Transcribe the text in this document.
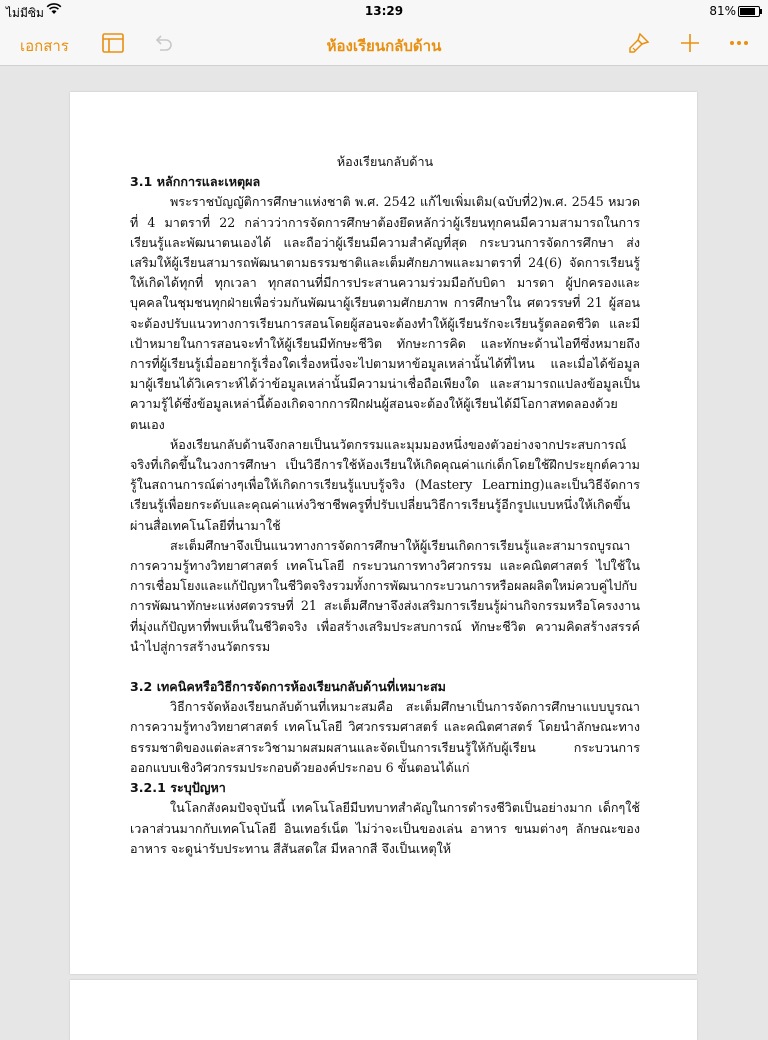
ไม่มีซิม	13:29	81%
เอกสาร	ห้องเรียนกลับด้าน
ห้องเรียนกลับด้าน
3.1 หลักการและเหตุผล

พระราชบัญญัติการศึกษาแห่งชาติ พ.ศ. 2542 แก้ไขเพิ่มเติม(ฉบับที่2)พ.ศ. 2545 หมวดที่ 4 มาตราที่ 22 กล่าวว่าการจัดการศึกษาต้องยึดหลักว่าผู้เรียนทุกคนมีความสามารถในการเรียนรู้และพัฒนาตนเองได้ และถือว่าผู้เรียนมีความสำคัญที่สุด กระบวนการจัดการศึกษา ส่งเสริมให้ผู้เรียนสามารถพัฒนาตามธรรมชาติและเต็มศักยภาพและมาตราที่ 24(6) จัดการเรียนรู้ให้เกิดได้ทุกที่ ทุกเวลา ทุกสถานที่มีการประสานความร่วมมือกับบิดา มารดา ผู้ปกครองและบุคคลในชุมชนทุกฝ่ายเพื่อร่วมกันพัฒนาผู้เรียนตามศักยภาพ การศึกษาใน ศตวรรษที่ 21 ผู้สอนจะต้องปรับแนวทางการเรียนการสอนโดยผู้สอนจะต้องทำให้ผู้เรียนรักจะเรียนรู้ตลอดชีวิต และมีเป้าหมายในการสอนจะทำให้ผู้เรียนมีทักษะชีวิต ทักษะการคิด และทักษะด้านไอทีซึ่งหมายถึง การที่ผู้เรียนรู้เมื่ออยากรู้เรื่องใดเรื่องหนึ่งจะไปตามหาข้อมูลเหล่านั้นได้ที่ไหน และเมื่อได้ข้อมูลมาผู้เรียนได้วิเคราะห์ได้ว่าข้อมูลเหล่านั้นมีความน่าเชื่อถือเพียงใด และสามารถแปลงข้อมูลเป็นความรู้ได้ซึ่งข้อมูลเหล่านี้ต้องเกิดจากการฝึกฝนผู้สอนจะต้องให้ผู้เรียนได้มีโอกาสทดลองด้วยตนเอง

ห้องเรียนกลับด้านจึงกลายเป็นนวัตกรรมและมุมมองหนึ่งของตัวอย่างจากประสบการณ์จริงที่เกิดขึ้นในวงการศึกษา เป็นวิธีการใช้ห้องเรียนให้เกิดคุณค่าแก่เด็กโดยใช้ฝึกประยุกต์ความรู้ในสถานการณ์ต่างๆเพื่อให้เกิดการเรียนรู้แบบรู้จริง (Mastery Learning)และเป็นวิธีจัดการเรียนรู้เพื่อยกระดับและคุณค่าแห่งวิชาชีพครูที่ปรับเปลี่ยนวิธีการเรียนรู้อีกรูปแบบหนึ่งให้เกิดขึ้นผ่านสื่อเทคโนโลยีที่นามาใช้

สะเต็มศึกษาจึงเป็นแนวทางการจัดการศึกษาให้ผู้เรียนเกิดการเรียนรู้และสามารถบูรณาการความรู้ทางวิทยาศาสตร์ เทคโนโลยี กระบวนการทางวิศวกรรม และคณิตศาสตร์ ไปใช้ในการเชื่อมโยงและแก้ปัญหาในชีวิตจริงรวมทั้งการพัฒนากระบวนการหรือผลผลิตใหม่ควบคู่ไปกับการพัฒนาทักษะแห่งศตวรรษที่ 21 สะเต็มศึกษาจึงส่งเสริมการเรียนรู้ผ่านกิจกรรมหรือโครงงานที่มุ่งแก้ปัญหาที่พบเห็นในชีวิตจริง เพื่อสร้างเสริมประสบการณ์ ทักษะชีวิต ความคิดสร้างสรรค์ นำไปสู่การสร้างนวัตกรรม

3.2 เทคนิคหรือวิธีการจัดการห้องเรียนกลับด้านที่เหมาะสม

วิธีการจัดห้องเรียนกลับด้านที่เหมาะสมคือ สะเต็มศึกษาเป็นการจัดการศึกษาแบบบูรณาการความรู้ทางวิทยาศาสตร์ เทคโนโลยี วิศวกรรมศาสตร์ และคณิตศาสตร์ โดยนำลักษณะทางธรรมชาติของแต่ละสาระวิชามาผสมผสานและจัดเป็นการเรียนรู้ให้กับผู้เรียน กระบวนการออกแบบเชิงวิศวกรรมประกอบด้วยองค์ประกอบ 6 ขั้นตอนได้แก่

3.2.1 ระบุปัญหา

ในโลกสังคมปัจจุบันนี้ เทคโนโลยีมีบทบาทสำคัญในการดำรงชีวิตเป็นอย่างมาก เด็กๆใช้เวลาส่วนมากกับเทคโนโลยี อินเทอร์เน็ต ไม่ว่าจะเป็นของเล่น อาหาร ขนมต่างๆ ลักษณะของอาหาร จะดูน่ารับประทาน สีสันสดใส มีหลากสี จึงเป็นเหตุให้
